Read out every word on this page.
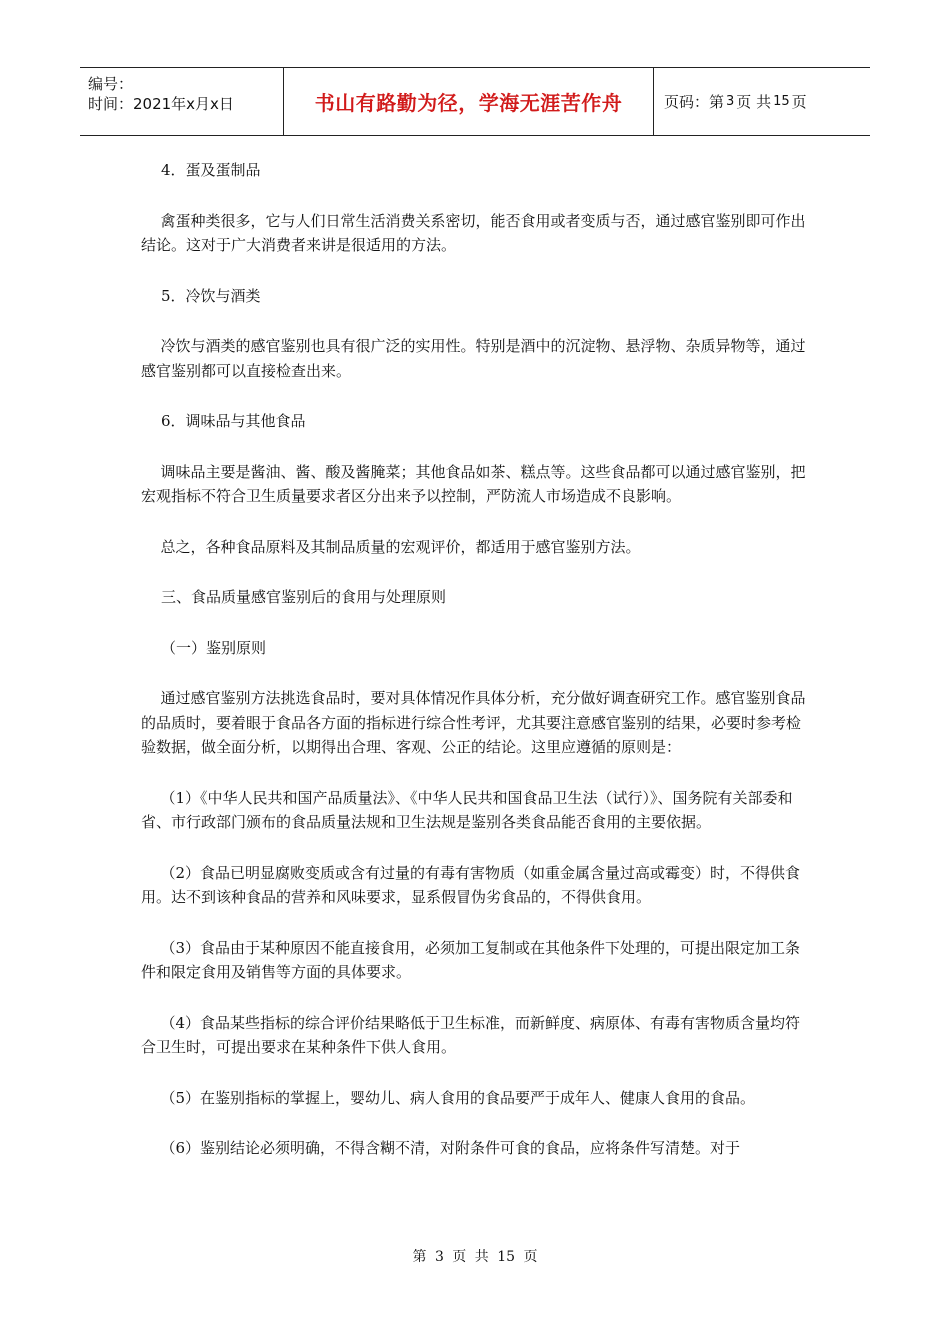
编号：
时间：2021年x月x日	书山有路勤为径，学海无涯苦作舟	页码：第 3 页 共 15 页

4．蛋及蛋制品

禽蛋种类很多，它与人们日常生活消费关系密切，能否食用或者变质与否，通过感官鉴别即可作出结论。这对于广大消费者来讲是很适用的方法。

5．冷饮与酒类

冷饮与酒类的感官鉴别也具有很广泛的实用性。特别是酒中的沉淀物、悬浮物、杂质异物等，通过感官鉴别都可以直接检查出来。

6．调味品与其他食品

调味品主要是酱油、酱、酸及酱腌菜；其他食品如茶、糕点等。这些食品都可以通过感官鉴别，把宏观指标不符合卫生质量要求者区分出来予以控制，严防流人市场造成不良影响。

总之，各种食品原料及其制品质量的宏观评价，都适用于感官鉴别方法。

三、食品质量感官鉴别后的食用与处理原则

（一）鉴别原则

通过感官鉴别方法挑选食品时，要对具体情况作具体分析，充分做好调查研究工作。感官鉴别食品的品质时，要着眼于食品各方面的指标进行综合性考评，尤其要注意感官鉴别的结果，必要时参考检验数据，做全面分析，以期得出合理、客观、公正的结论。这里应遵循的原则是：

（1）《中华人民共和国产品质量法》、《中华人民共和国食品卫生法（试行）》、国务院有关部委和省、市行政部门颁布的食品质量法规和卫生法规是鉴别各类食品能否食用的主要依据。

（2）食品已明显腐败变质或含有过量的有毒有害物质（如重金属含量过高或霉变）时，不得供食用。达不到该种食品的营养和风味要求，显系假冒伪劣食品的，不得供食用。

（3）食品由于某种原因不能直接食用，必须加工复制或在其他条件下处理的，可提出限定加工条件和限定食用及销售等方面的具体要求。

（4）食品某些指标的综合评价结果略低于卫生标准，而新鲜度、病原体、有毒有害物质含量均符合卫生时，可提出要求在某种条件下供人食用。

（5）在鉴别指标的掌握上，婴幼儿、病人食用的食品要严于成年人、健康人食用的食品。

（6）鉴别结论必须明确，不得含糊不清，对附条件可食的食品，应将条件写清楚。对于

第 3 页 共 15 页
